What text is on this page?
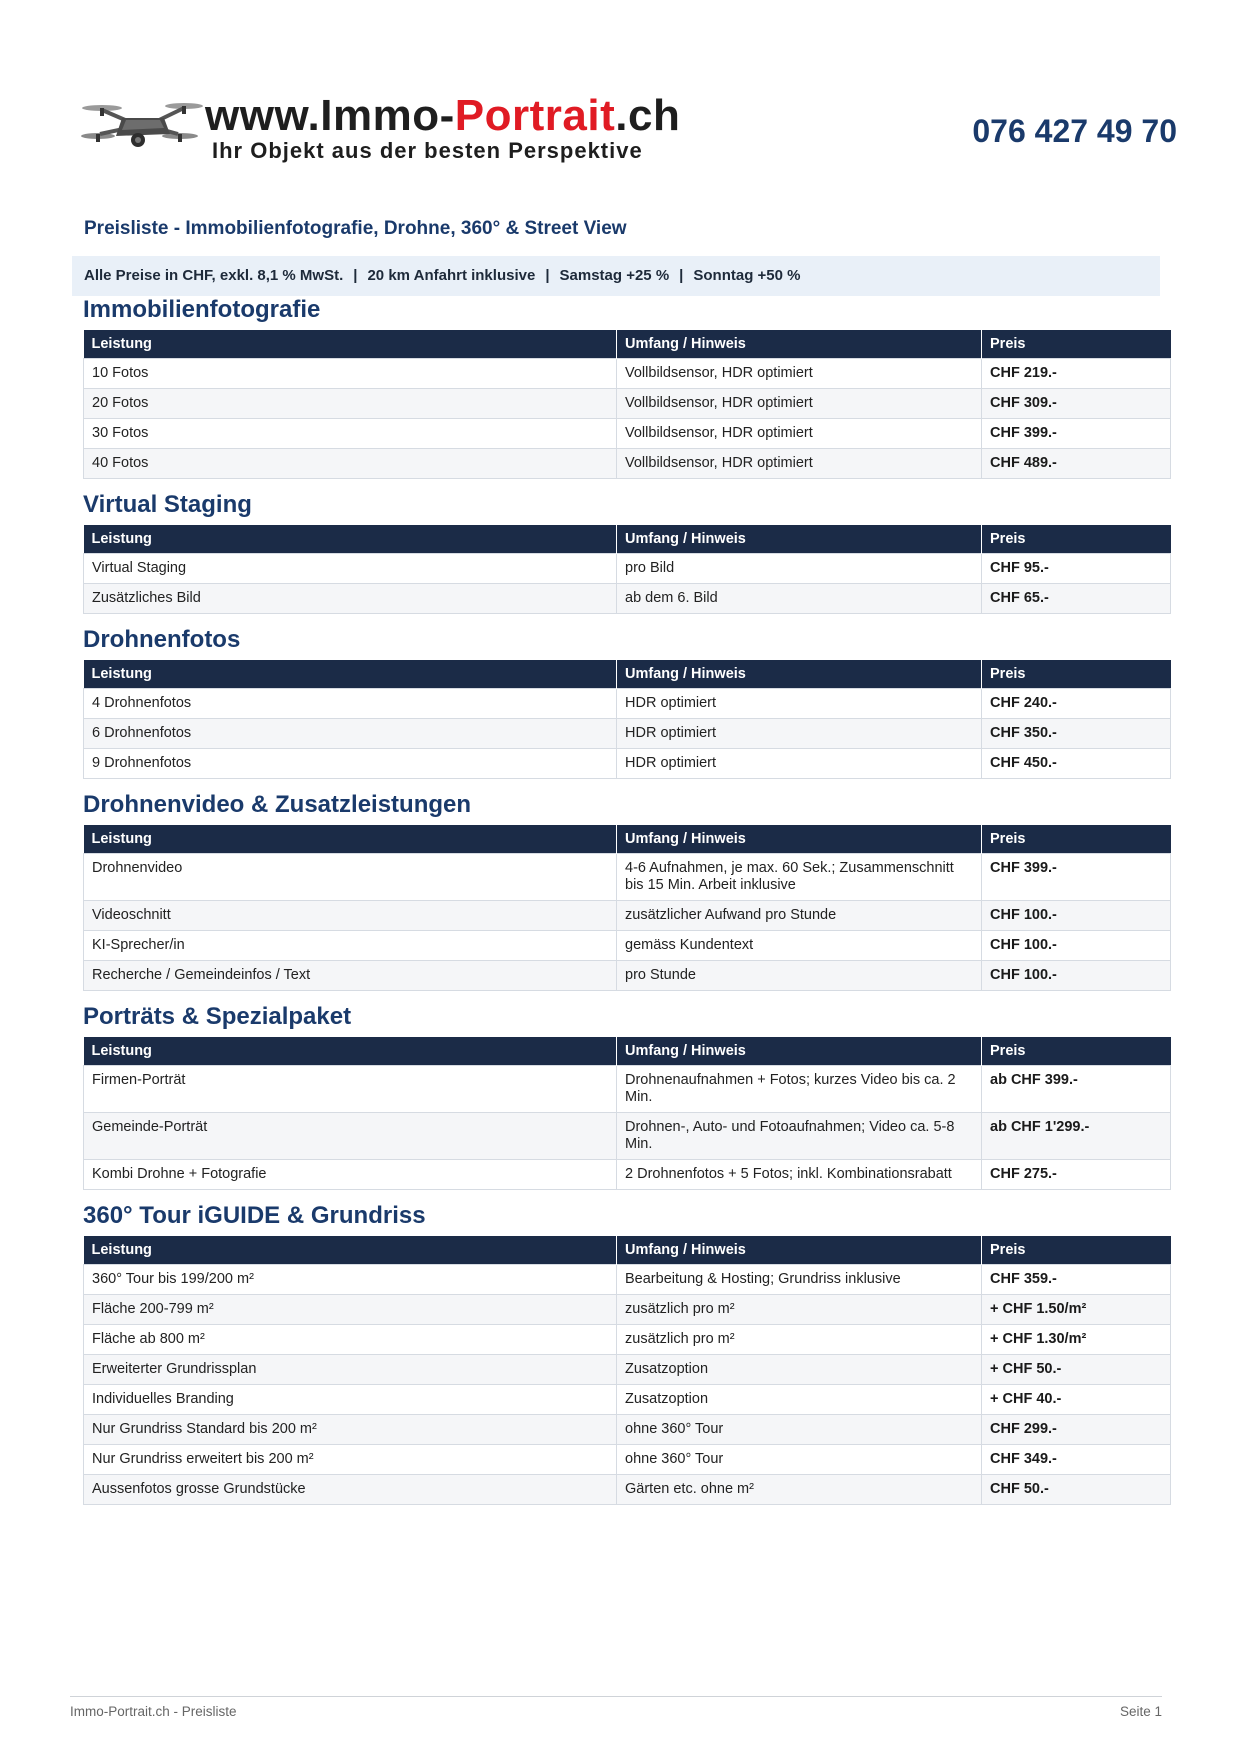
www.Immo-Portrait.ch
Ihr Objekt aus der besten Perspektive
076 427 49 70
Preisliste - Immobilienfotografie, Drohne, 360° & Street View
Alle Preise in CHF, exkl. 8,1 % MwSt. | 20 km Anfahrt inklusive | Samstag +25 % | Sonntag +50 %
Immobilienfotografie
Leistung	Umfang / Hinweis	Preis
10 Fotos	Vollbildsensor, HDR optimiert	CHF 219.-
20 Fotos	Vollbildsensor, HDR optimiert	CHF 309.-
30 Fotos	Vollbildsensor, HDR optimiert	CHF 399.-
40 Fotos	Vollbildsensor, HDR optimiert	CHF 489.-
Virtual Staging
Leistung	Umfang / Hinweis	Preis
Virtual Staging	pro Bild	CHF 95.-
Zusätzliches Bild	ab dem 6. Bild	CHF 65.-
Drohnenfotos
Leistung	Umfang / Hinweis	Preis
4 Drohnenfotos	HDR optimiert	CHF 240.-
6 Drohnenfotos	HDR optimiert	CHF 350.-
9 Drohnenfotos	HDR optimiert	CHF 450.-
Drohnenvideo & Zusatzleistungen
Leistung	Umfang / Hinweis	Preis
Drohnenvideo	4-6 Aufnahmen, je max. 60 Sek.; Zusammenschnitt bis 15 Min. Arbeit inklusive	CHF 399.-
Videoschnitt	zusätzlicher Aufwand pro Stunde	CHF 100.-
KI-Sprecher/in	gemäss Kundentext	CHF 100.-
Recherche / Gemeindeinfos / Text	pro Stunde	CHF 100.-
Porträts & Spezialpaket
Leistung	Umfang / Hinweis	Preis
Firmen-Porträt	Drohnenaufnahmen + Fotos; kurzes Video bis ca. 2 Min.	ab CHF 399.-
Gemeinde-Porträt	Drohnen-, Auto- und Fotoaufnahmen; Video ca. 5-8 Min.	ab CHF 1'299.-
Kombi Drohne + Fotografie	2 Drohnenfotos + 5 Fotos; inkl. Kombinationsrabatt	CHF 275.-
360° Tour iGUIDE & Grundriss
Leistung	Umfang / Hinweis	Preis
360° Tour bis 199/200 m²	Bearbeitung & Hosting; Grundriss inklusive	CHF 359.-
Fläche 200-799 m²	zusätzlich pro m²	+ CHF 1.50/m²
Fläche ab 800 m²	zusätzlich pro m²	+ CHF 1.30/m²
Erweiterter Grundrissplan	Zusatzoption	+ CHF 50.-
Individuelles Branding	Zusatzoption	+ CHF 40.-
Nur Grundriss Standard bis 200 m²	ohne 360° Tour	CHF 299.-
Nur Grundriss erweitert bis 200 m²	ohne 360° Tour	CHF 349.-
Aussenfotos grosse Grundstücke	Gärten etc. ohne m²	CHF 50.-
Immo-Portrait.ch - Preisliste	Seite 1
